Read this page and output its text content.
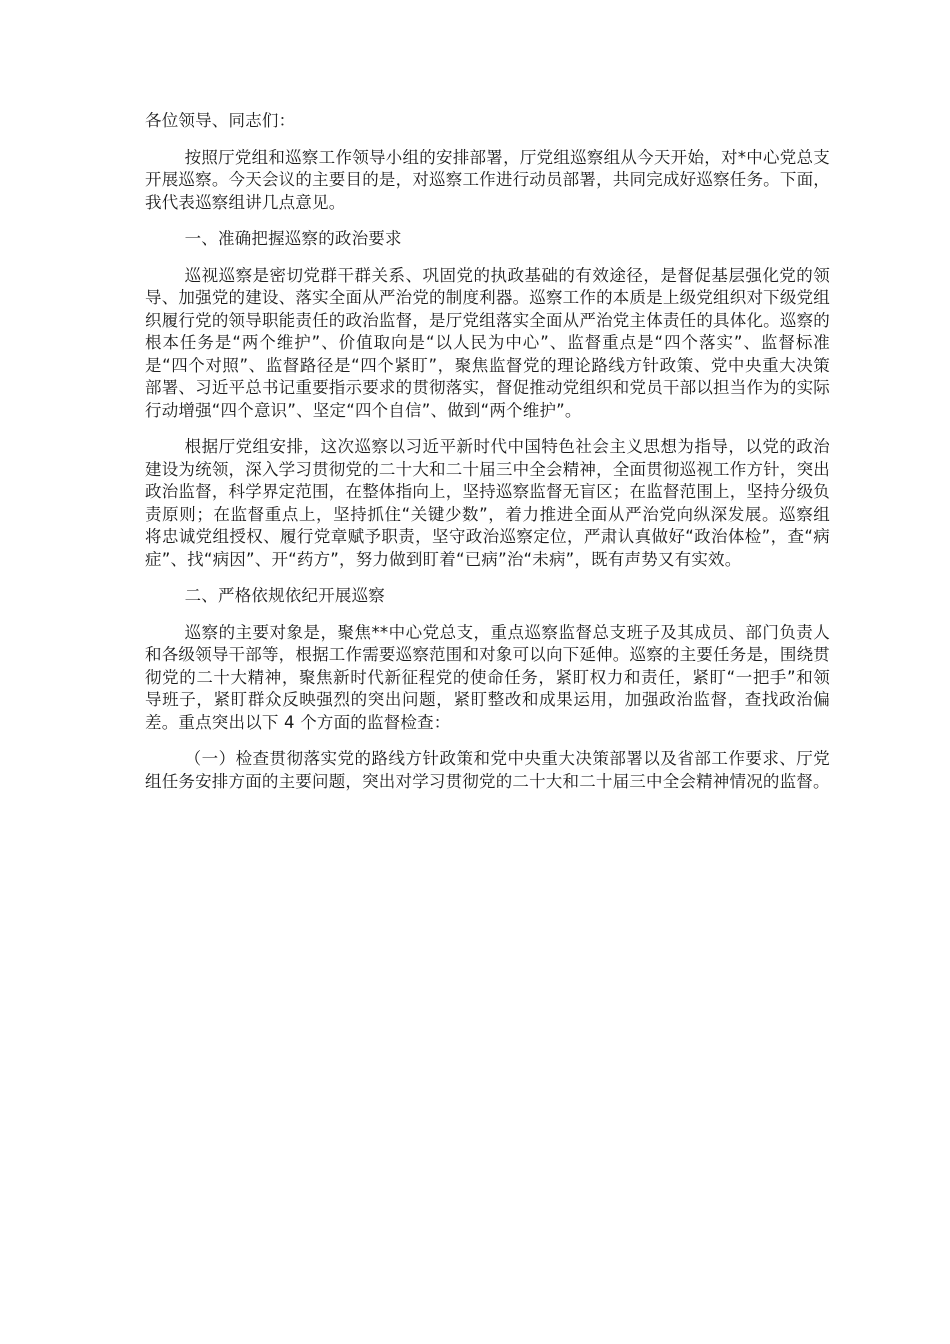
各位领导、同志们：

按照厅党组和巡察工作领导小组的安排部署，厅党组巡察组从今天开始，对*中心党总支开展巡察。今天会议的主要目的是，对巡察工作进行动员部署，共同完成好巡察任务。下面，我代表巡察组讲几点意见。

一、准确把握巡察的政治要求

巡视巡察是密切党群干群关系、巩固党的执政基础的有效途径，是督促基层强化党的领导、加强党的建设、落实全面从严治党的制度利器。巡察工作的本质是上级党组织对下级党组织履行党的领导职能责任的政治监督，是厅党组落实全面从严治党主体责任的具体化。巡察的根本任务是“两个维护”、价值取向是“以人民为中心”、监督重点是“四个落实”、监督标准是“四个对照”、监督路径是“四个紧盯”，聚焦监督党的理论路线方针政策、党中央重大决策部署、习近平总书记重要指示要求的贯彻落实，督促推动党组织和党员干部以担当作为的实际行动增强“四个意识”、坚定“四个自信”、做到“两个维护”。

根据厅党组安排，这次巡察以习近平新时代中国特色社会主义思想为指导，以党的政治建设为统领，深入学习贯彻党的二十大和二十届三中全会精神，全面贯彻巡视工作方针，突出政治监督，科学界定范围，在整体指向上，坚持巡察监督无盲区；在监督范围上，坚持分级负责原则；在监督重点上，坚持抓住“关键少数”，着力推进全面从严治党向纵深发展。巡察组将忠诚党组授权、履行党章赋予职责，坚守政治巡察定位，严肃认真做好“政治体检”，查“病症”、找“病因”、开“药方”，努力做到盯着“已病”治“未病”，既有声势又有实效。

二、严格依规依纪开展巡察

巡察的主要对象是，聚焦**中心党总支，重点巡察监督总支班子及其成员、部门负责人和各级领导干部等，根据工作需要巡察范围和对象可以向下延伸。巡察的主要任务是，围绕贯彻党的二十大精神，聚焦新时代新征程党的使命任务，紧盯权力和责任，紧盯“一把手”和领导班子，紧盯群众反映强烈的突出问题，紧盯整改和成果运用，加强政治监督，查找政治偏差。重点突出以下 4 个方面的监督检查：

（一）检查贯彻落实党的路线方针政策和党中央重大决策部署以及省部工作要求、厅党组任务安排方面的主要问题，突出对学习贯彻党的二十大和二十届三中全会精神情况的监督。
